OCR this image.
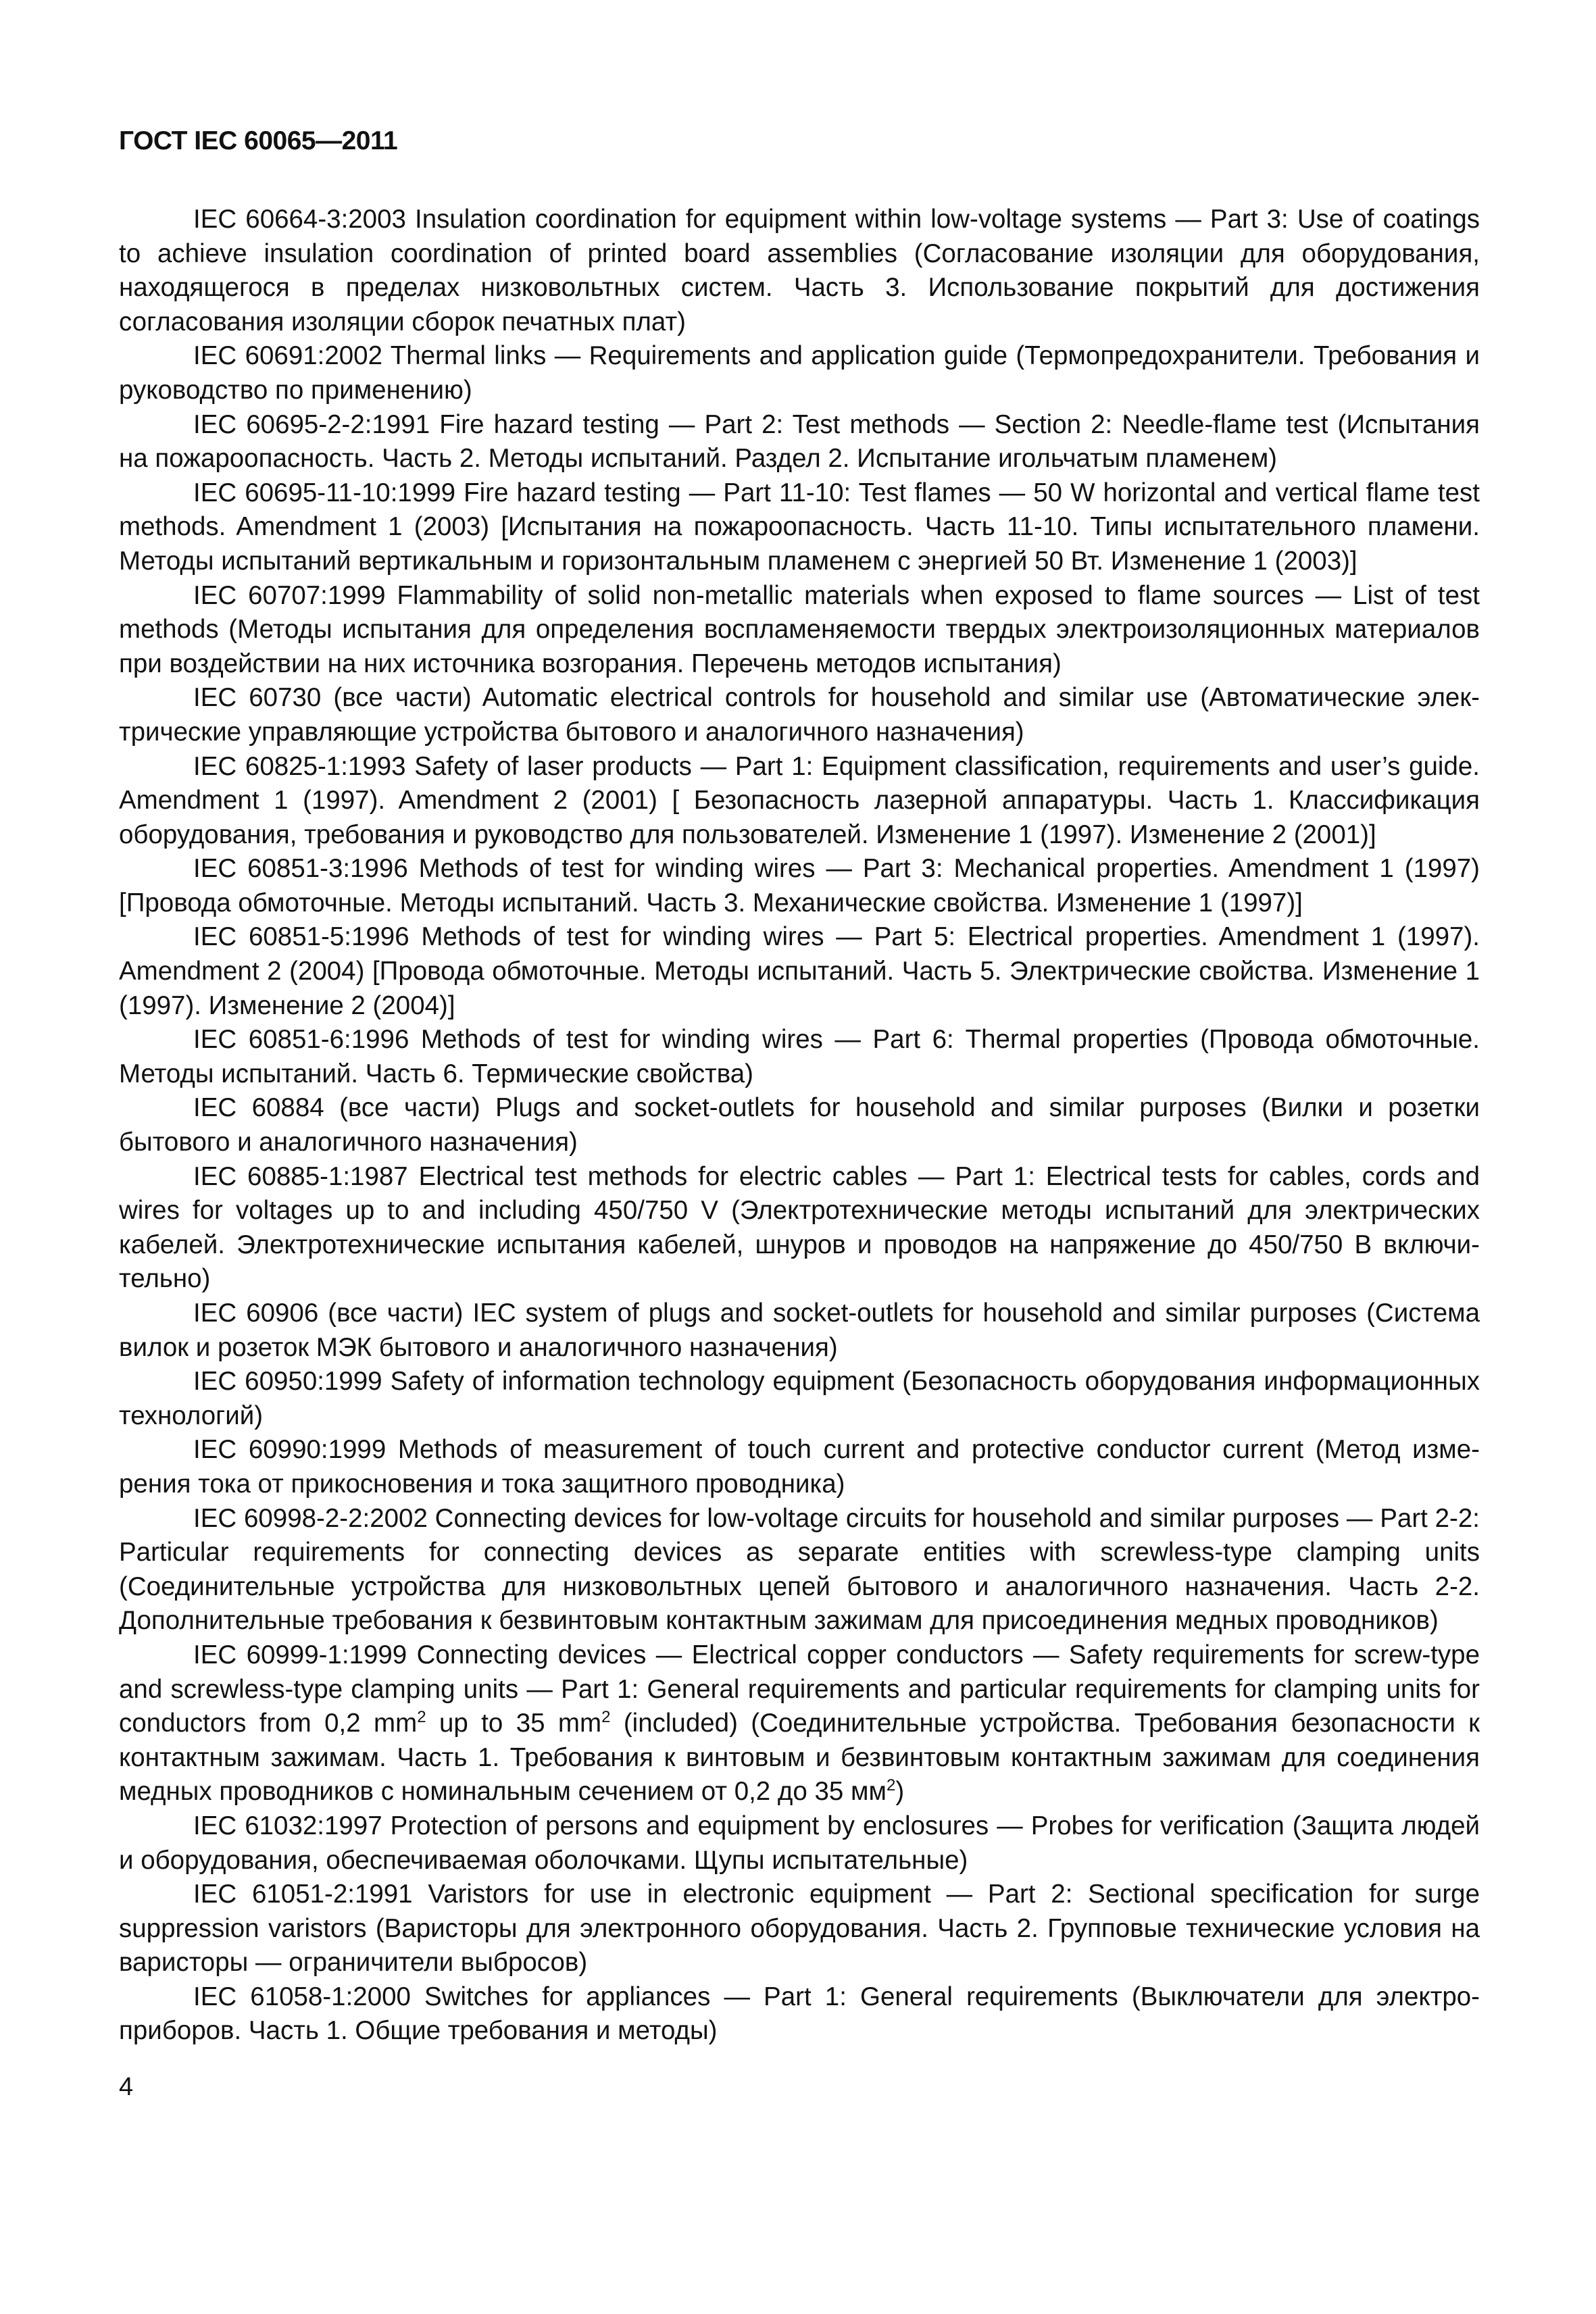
ГОСТ IEC 60065—2011

IEC 60664-3:2003 Insulation coordination for equipment within low-voltage systems — Part 3: Use of coatings to achieve insulation coordination of printed board assemblies (Согласование изоляции для оборудования, находящегося в пределах низковольтных систем. Часть 3. Использование покрытий для достижения согласования изоляции сборок печатных плат)

IEC 60691:2002 Thermal links — Requirements and application guide (Термопредохранители. Требования и руководство по применению)

IEC 60695-2-2:1991 Fire hazard testing — Part 2: Test methods — Section 2: Needle-flame test (Испытания на пожароопасность. Часть 2. Методы испытаний. Раздел 2. Испытание игольчатым пламенем)

IEC 60695-11-10:1999 Fire hazard testing — Part 11-10: Test flames — 50 W horizontal and vertical flame test methods. Amendment 1 (2003) [Испытания на пожароопасность. Часть 11-10. Типы испытательного пламени. Методы испытаний вертикальным и горизонтальным пламенем с энергией 50 Вт. Изменение 1 (2003)]

IEC 60707:1999 Flammability of solid non-metallic materials when exposed to flame sources — List of test methods (Методы испытания для определения воспламеняемости твердых электроизоляционных материалов при воздействии на них источника возгорания. Перечень методов испытания)

IEC 60730 (все части) Automatic electrical controls for household and similar use (Автоматические электрические управляющие устройства бытового и аналогичного назначения)

IEC 60825-1:1993 Safety of laser products — Part 1: Equipment classification, requirements and user’s guide. Amendment 1 (1997). Amendment 2 (2001) [ Безопасность лазерной аппаратуры. Часть 1. Классификация оборудования, требования и руководство для пользователей. Изменение 1 (1997). Изменение 2 (2001)]

IEC 60851-3:1996 Methods of test for winding wires — Part 3: Mechanical properties. Amendment 1 (1997) [Провода обмоточные. Методы испытаний. Часть 3. Механические свойства. Изменение 1 (1997)]

IEC 60851-5:1996 Methods of test for winding wires — Part 5: Electrical properties. Amendment 1 (1997). Amendment 2 (2004) [Провода обмоточные. Методы испытаний. Часть 5. Электрические свойства. Изменение 1 (1997). Изменение 2 (2004)]

IEC 60851-6:1996 Methods of test for winding wires — Part 6: Thermal properties (Провода обмоточные. Методы испытаний. Часть 6. Термические свойства)

IEC 60884 (все части) Plugs and socket-outlets for household and similar purposes (Вилки и розетки бытового и аналогичного назначения)

IEC 60885-1:1987 Electrical test methods for electric cables — Part 1: Electrical tests for cables, cords and wires for voltages up to and including 450/750 V (Электротехнические методы испытаний для электрических кабелей. Электротехнические испытания кабелей, шнуров и проводов на напряжение до 450/750 В включительно)

IEC 60906 (все части) IEC system of plugs and socket-outlets for household and similar purposes (Система вилок и розеток МЭК бытового и аналогичного назначения)

IEC 60950:1999 Safety of information technology equipment (Безопасность оборудования информационных технологий)

IEC 60990:1999 Methods of measurement of touch current and protective conductor current (Метод измерения тока от прикосновения и тока защитного проводника)

IEC 60998-2-2:2002 Connecting devices for low-voltage circuits for household and similar purposes — Part 2-2: Particular requirements for connecting devices as separate entities with screwless-type clamping units (Соединительные устройства для низковольтных цепей бытового и аналогичного назначения. Часть 2-2. Дополнительные требования к безвинтовым контактным зажимам для присоединения медных проводников)

IEC 60999-1:1999 Connecting devices — Electrical copper conductors — Safety requirements for screw-type and screwless-type clamping units — Part 1: General requirements and particular requirements for clamping units for conductors from 0,2 $mm^2$ up to 35 $mm^2$ (included) (Соединительные устройства. Требования безопасности к контактным зажимам. Часть 1. Требования к винтовым и безвинтовым контактным зажимам для соединения медных проводников с номинальным сечением от 0,2 до 35 $мм^2$)

IEC 61032:1997 Protection of persons and equipment by enclosures — Probes for verification (Защита людей и оборудования, обеспечиваемая оболочками. Щупы испытательные)

IEC 61051-2:1991 Varistors for use in electronic equipment — Part 2: Sectional specification for surge suppression varistors (Варисторы для электронного оборудования. Часть 2. Групповые технические условия на варисторы — ограничители выбросов)

IEC 61058-1:2000 Switches for appliances — Part 1: General requirements (Выключатели для электроприборов. Часть 1. Общие требования и методы)

4
